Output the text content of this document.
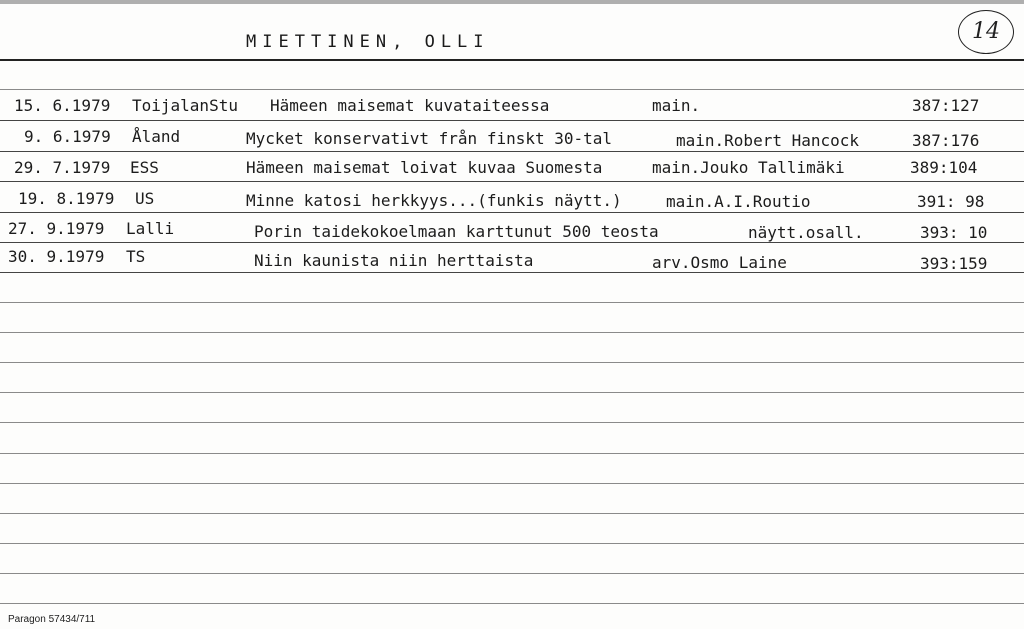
MIETTINEN, OLLI	14
15. 6.1979 ToijalanStu Hämeen maisemat kuvataiteessa	main.	387:127
9. 6.1979 Åland	Mycket konservativt från finskt 30-tal	main.Robert Hancock	387:176
29. 7.1979 ESS	Hämeen maisemat loivat kuvaa Suomesta	main.Jouko Tallimäki	389:104
19. 8.1979 US	Minne katosi herkkyys...(funkis näytt.)	main.A.I.Routio	391: 98
27. 9.1979 Lalli	Porin taidekokoelmaan karttunut 500 teosta	näytt.osall.	393: 10
30. 9.1979 TS	Niin kaunista niin herttaista	arv.Osmo Laine	393:159
Paragon 57434/711
